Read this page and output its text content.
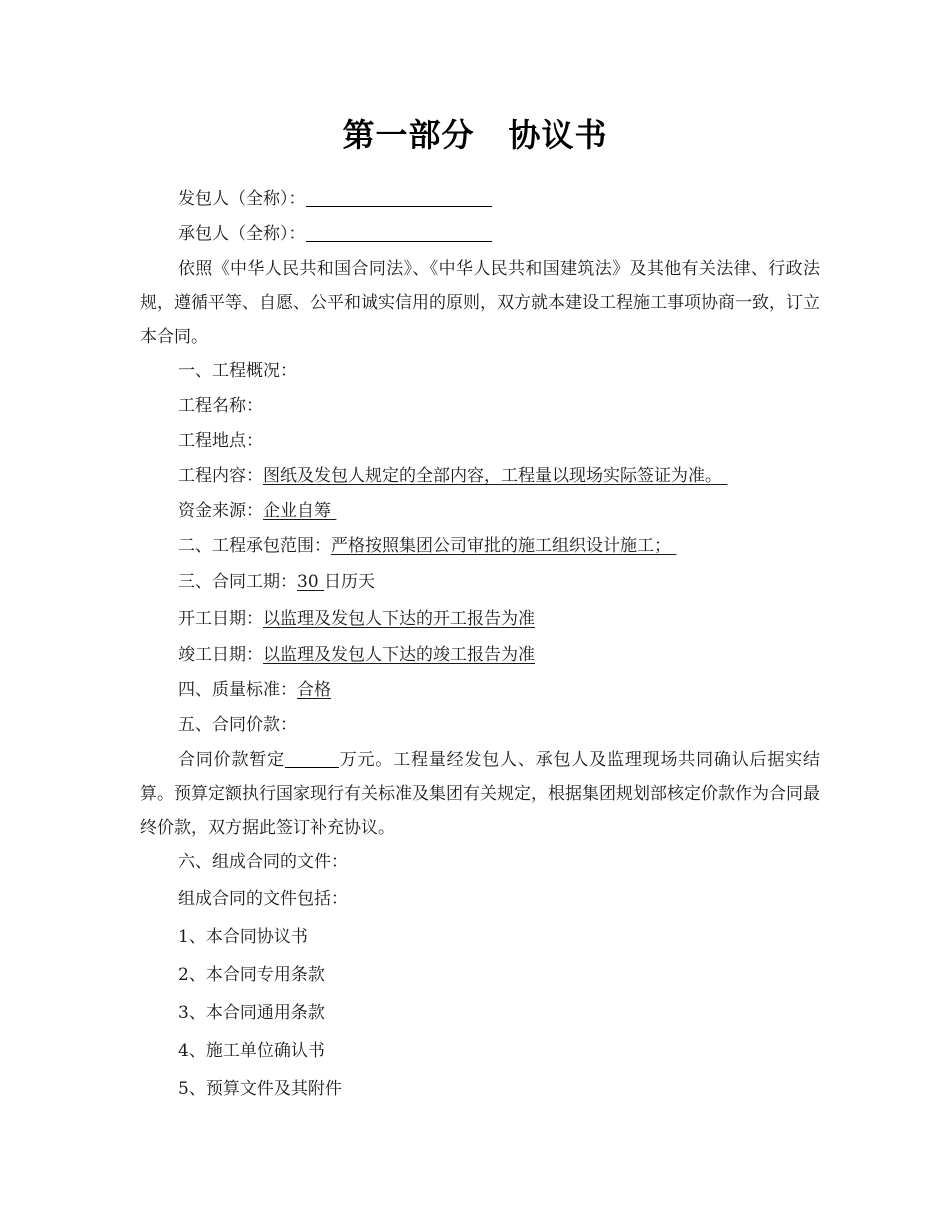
第一部分 协议书
发包人（全称）：
承包人（全称）：

依照《中华人民共和国合同法》、《中华人民共和国建筑法》及其他有关法律、行政法规，遵循平等、自愿、公平和诚实信用的原则，双方就本建设工程施工事项协商一致，订立本合同。

一、工程概况：
工程名称：
工程地点：
工程内容：图纸及发包人规定的全部内容，工程量以现场实际签证为准。
资金来源：企业自筹
二、工程承包范围：严格按照集团公司审批的施工组织设计施工；
三、合同工期：30 日历天
开工日期：以监理及发包人下达的开工报告为准
竣工日期：以监理及发包人下达的竣工报告为准
四、质量标准：合格
五、合同价款：

合同价款暂定	万元。工程量经发包人、承包人及监理现场共同确认后据实结算。预算定额执行国家现行有关标准及集团有关规定，根据集团规划部核定价款作为合同最终价款，双方据此签订补充协议。

六、组成合同的文件：
组成合同的文件包括：
1、本合同协议书
2、本合同专用条款
3、本合同通用条款
4、施工单位确认书
5、预算文件及其附件
